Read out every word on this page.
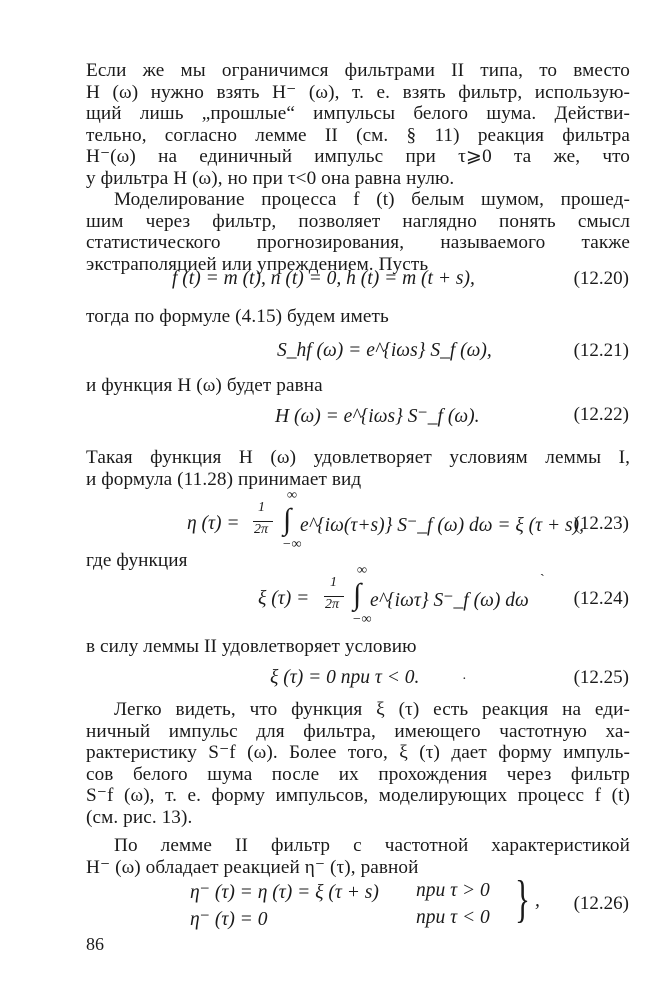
Если же мы ограничимся фильтрами II типа, то вместо
H (ω) нужно взять H⁻ (ω), т. е. взять фильтр, использую-
щий лишь „прошлые“ импульсы белого шума. Действи-
тельно, согласно лемме II (см. § 11) реакция фильтра
H⁻(ω) на единичный импульс при τ⩾0 та же, что
у фильтра H (ω), но при τ<0 она равна нулю.
Моделирование процесса f (t) белым шумом, прошед-
шим через фильтр, позволяет наглядно понять смысл
статистического прогнозирования, называемого также
экстраполяцией или упреждением. Пусть
f (t) = m (t), n (t) = 0, h (t) = m (t + s),	(12.20)
тогда по формуле (4.15) будем иметь
S_hf (ω) = e^{iωs} S_f (ω),	(12.21)
и функция H (ω) будет равна
H (ω) = e^{iωs} S⁻_f (ω).	(12.22)
Такая функция H (ω) удовлетворяет условиям леммы I,
и формула (11.28) принимает вид
η (τ) =
1
2π
∞
∫
−∞
e^{iω(τ+s)} S⁻_f (ω) dω = ξ (τ + s),
(12.23)
где функция	ˎ
ξ (τ) =
1
2π
∞
∫
−∞
e^{iωτ} S⁻_f (ω) dω (12.24)
в силу леммы II удовлетворяет условию
ξ (τ) = 0 при τ < 0.	·	(12.25)
Легко видеть, что функция ξ (τ) есть реакция на еди-
ничный импульс для фильтра, имеющего частотную ха-
рактеристику S⁻f (ω). Более того, ξ (τ) дает форму импуль-
сов белого шума после их прохождения через фильтр
S⁻f (ω), т. е. форму импульсов, моделирующих процесс f (t)
(см. рис. 13).
По лемме II фильтр с частотной характеристикой
H⁻ (ω) обладает реакцией η⁻ (τ), равной
η⁻ (τ) = η (τ) = ξ (τ + s) при τ > 0
η⁻ (τ) = 0	при τ < 0 } , (12.26)
86
